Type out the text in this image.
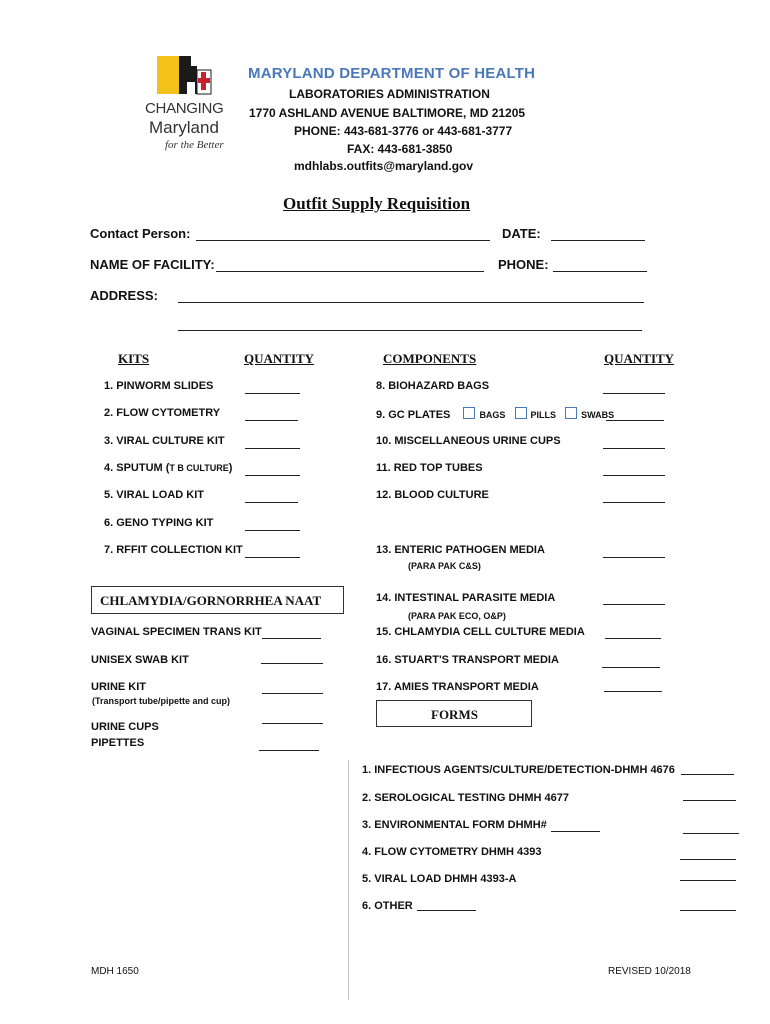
CHANGING
Maryland
for the Better
MARYLAND DEPARTMENT OF HEALTH
LABORATORIES ADMINISTRATION
1770 ASHLAND AVENUE BALTIMORE, MD 21205
PHONE: 443-681-3776 or 443-681-3777
FAX: 443-681-3850
mdhlabs.outfits@maryland.gov
Outfit Supply Requisition
Contact Person:	DATE:
NAME OF FACILITY:	PHONE:
ADDRESS:
KITS	QUANTITY	COMPONENTS	QUANTITY
1. PINWORM SLIDES
2. FLOW CYTOMETRY
3. VIRAL CULTURE KIT
4. SPUTUM (T B CULTURE)
5. VIRAL LOAD KIT
6. GENO TYPING KIT
7. RFFIT COLLECTION KIT
8. BIOHAZARD BAGS
9. GC PLATES	BAGS	PILLS	SWABS
10. MISCELLANEOUS URINE CUPS
11. RED TOP TUBES
12. BLOOD CULTURE
13. ENTERIC PATHOGEN MEDIA
(PARA PAK C&S)
CHLAMYDIA/GORNORRHEA NAAT	14. INTESTINAL PARASITE MEDIA
(PARA PAK ECO, O&P)
VAGINAL SPECIMEN TRANS KIT	15. CHLAMYDIA CELL CULTURE MEDIA
UNISEX SWAB KIT	16. STUART'S TRANSPORT MEDIA
URINE KIT	17. AMIES TRANSPORT MEDIA
(Transport tube/pipette and cup)
FORMS
URINE CUPS
PIPETTES
1. INFECTIOUS AGENTS/CULTURE/DETECTION-DHMH 4676
2. SEROLOGICAL TESTING DHMH 4677
3. ENVIRONMENTAL FORM DHMH#
4. FLOW CYTOMETRY DHMH 4393
5. VIRAL LOAD DHMH 4393-A
6. OTHER
MDH 1650	REVISED 10/2018
